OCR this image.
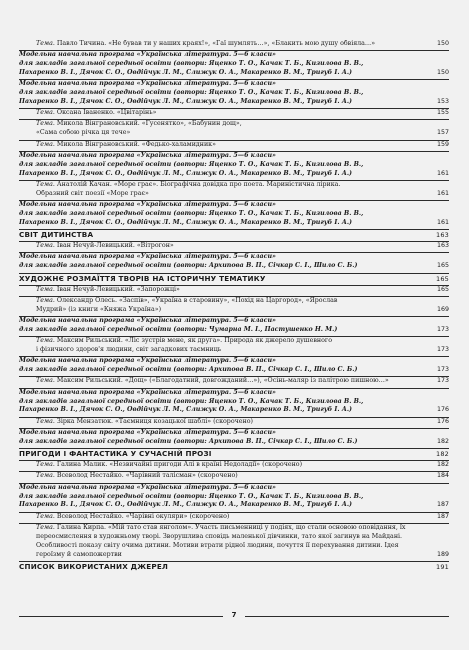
Тема. Павло Тичина. «Не бував ти у наших краях!», «Гаї шумлять…», «Блакить мою душу обвіяла…»	150
Модельна навчальна програма «Українська література. 5—6 класи»
для закладів загальної середньої освіти (автори: Яценко Т. О., Качак Т. Б., Кизилова В. В.,
Пахаренко В. І., Дячок С. О., Овдійчук Л. М., Слижук О. А., Макаренко В. М., Тригуб І. А.)	150
Модельна навчальна програма «Українська література. 5—6 класи»
для закладів загальної середньої освіти (автори: Яценко Т. О., Качак Т. Б., Кизилова В. В.,
Пахаренко В. І., Дячок С. О., Овдійчук Л. М., Слижук О. А., Макаренко В. М., Тригуб І. А.)	153
Тема. Оксана Іваненко. «Цвітарінь»	155
Тема. Микола Вінграновський. «Гусенятко», «Бабунин дощ»,
«Сама собою річка ця тече»	157
Тема. Микола Вінграновський. «Федько-халамидник»	159
Модельна навчальна програма «Українська література. 5—6 класи»
для закладів загальної середньої освіти (автори: Яценко Т. О., Качак Т. Б., Кизилова В. В.,
Пахаренко В. І., Дячок С. О., Овдійчук Л. М., Слижук О. А., Макаренко В. М., Тригуб І. А.)	161
Тема. Анатолій Качан. «Море грає». Біографічна довідка про поета. Мариністична лірика.
Образний світ поезії «Море грає»	161
Модельна навчальна програма «Українська література. 5—6 класи»
для закладів загальної середньої освіти (автори: Яценко Т. О., Качак Т. Б., Кизилова В. В.,
Пахаренко В. І., Дячок С. О., Овдійчук Л. М., Слижук О. А., Макаренко В. М., Тригуб І. А.)	161
СВІТ ДИТИНСТВА	163
Тема. Іван Нечуй-Левицький. «Вітрогон»	163
Модельна навчальна програма «Українська література. 5—6 класи»
для закладів загальної середньої освіти (автори: Архипова В. П., Січкар С. І., Шило С. Б.)	165
ХУДОЖНЄ РОЗМАЇТТЯ ТВОРІВ НА ІСТОРИЧНУ ТЕМАТИКУ	165
Тема. Іван Нечуй-Левицький. «Запорожці»	165
Тема. Олександр Олесь. «Заспів», «Україна в старовину», «Похід на Царгород», «Ярослав
Мудрий» (із книги «Княжа Україна»)	169
Модельна навчальна програма «Українська література. 5—6 класи»
для закладів загальної середньої освіти (автори: Чумарна М. І., Пастушенко Н. М.)	173
Тема. Максим Рильський. «Ліс зустрів мене, як друга». Природа як джерело душевного
і фізичного здоров'я людини, світ загадкових таємниць	173
Модельна навчальна програма «Українська література. 5—6 класи»
для закладів загальної середньої освіти (автори: Архипова В. П., Січкар С. І., Шило С. Б.)	173
Тема. Максим Рильський. «Дощ» («Благодатний, довгожданий…»), «Осінь-маляр із палітрою пишною…»	173
Модельна навчальна програма «Українська література. 5—6 класи»
для закладів загальної середньої освіти (автори: Яценко Т. О., Качак Т. Б., Кизилова В. В.,
Пахаренко В. І., Дячок С. О., Овдійчук Л. М., Слижук О. А., Макаренко В. М., Тригуб І. А.)	176
Тема. Зірка Мензатюк. «Таємниця козацької шаблі» (скорочено)	176
Модельна навчальна програма «Українська література. 5—6 класи»
для закладів загальної середньої освіти (автори: Архипова В. П., Січкар С. І., Шило С. Б.)	182
ПРИГОДИ І ФАНТАСТИКА У СУЧАСНІЙ ПРОЗІ	182
Тема. Галина Малик. «Незвичайні пригоди Алі в країні Недоладії» (скорочено)	182
Тема. Всеволод Нестайко. «Чарівний талісман» (скорочено)	184
Модельна навчальна програма «Українська література. 5—6 класи»
для закладів загальної середньої освіти (автори: Яценко Т. О., Качак Т. Б., Кизилова В. В.,
Пахаренко В. І., Дячок С. О., Овдійчук Л. М., Слижук О. А., Макаренко В. М., Тригуб І. А.)	187
Тема. Всеволод Нестайко. «Чарівні окуляри» (скорочено)	187
Тема. Галина Кирпа. «Мій тато став янголом». Участь письменниці у подіях, що стали основою оповідання, їх переосмислення в художньому творі. Зворушлива сповідь маленької дівчинки, тато якої загинув на Майдані. Особливості показу світу очима дитини. Мотиви втрати рідної людини, почуття її перехування дитини. Ідея героїзму й самопожертви	189
СПИСОК ВИКОРИСТАНИХ ДЖЕРЕЛ	191
7
